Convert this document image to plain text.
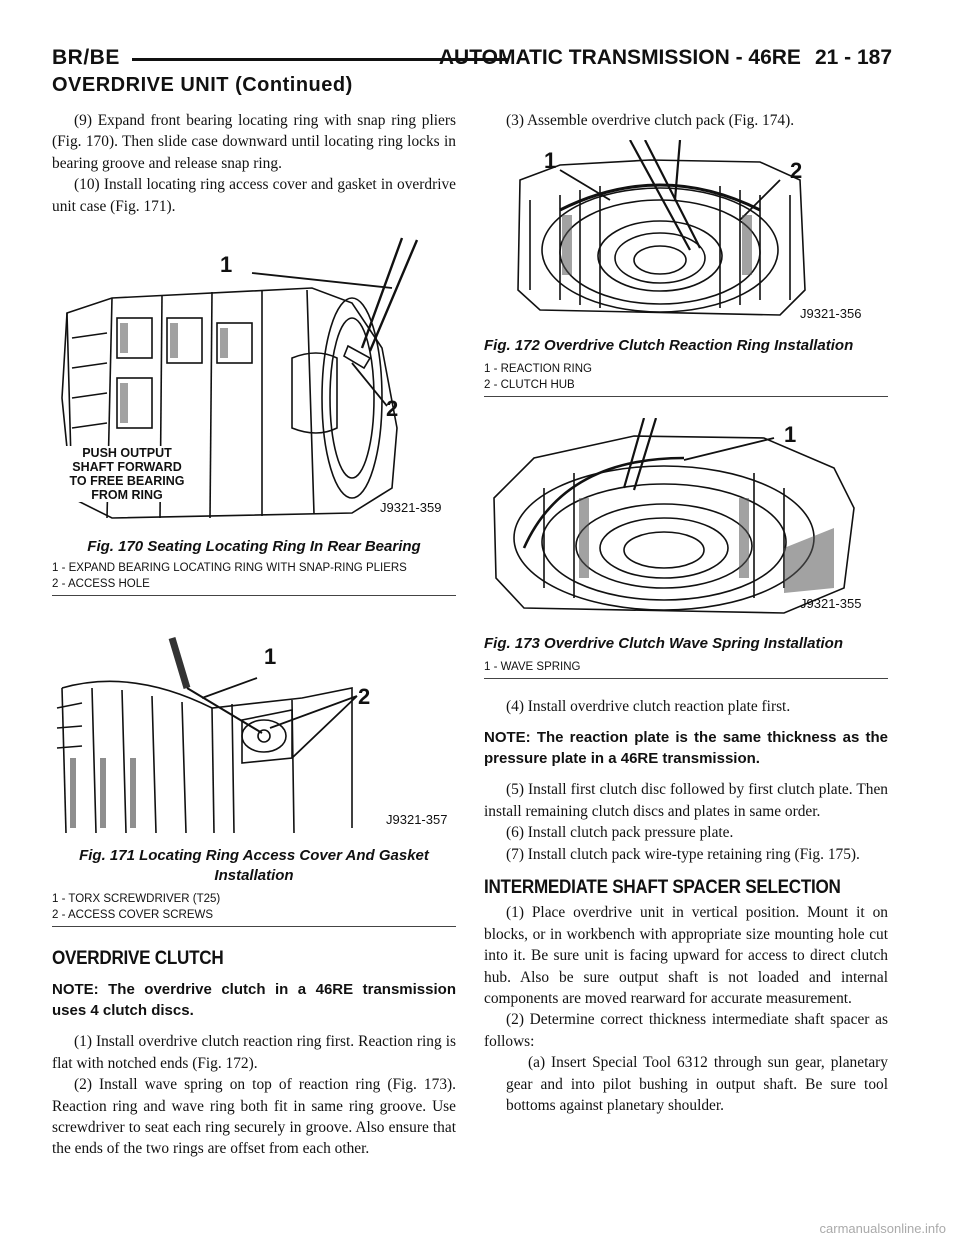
BR/BE	AUTOMATIC TRANSMISSION - 46RE 21 - 187
OVERDRIVE UNIT (Continued)

(9) Expand front bearing locating ring with snap ring pliers (Fig. 170). Then slide case downward until locating ring locks in bearing groove and release snap ring.

(10) Install locating ring access cover and gasket in overdrive unit case (Fig. 171).

1
2
PUSH OUTPUT
SHAFT FORWARD
TO FREE BEARING
FROM RING
J9321-359
Fig. 170 Seating Locating Ring In Rear Bearing
1 - EXPAND BEARING LOCATING RING WITH SNAP-RING PLIERS
2 - ACCESS HOLE
1
2
J9321-357
Fig. 171 Locating Ring Access Cover And Gasket
Installation
1 - TORX SCREWDRIVER (T25)
2 - ACCESS COVER SCREWS
OVERDRIVE CLUTCH

NOTE: The overdrive clutch in a 46RE transmission uses 4 clutch discs.

(1) Install overdrive clutch reaction ring first. Reaction ring is flat with notched ends (Fig. 172).

(2) Install wave spring on top of reaction ring (Fig. 173). Reaction ring and wave ring both fit in same ring groove. Use screwdriver to seat each ring securely in groove. Also ensure that the ends of the two rings are offset from each other.

(3) Assemble overdrive clutch pack (Fig. 174).

1	2
J9321-356
Fig. 172 Overdrive Clutch Reaction Ring Installation
1 - REACTION RING
2 - CLUTCH HUB
1
J9321-355
Fig. 173 Overdrive Clutch Wave Spring Installation
1 - WAVE SPRING

(4) Install overdrive clutch reaction plate first.

NOTE: The reaction plate is the same thickness as the pressure plate in a 46RE transmission.

(5) Install first clutch disc followed by first clutch plate. Then install remaining clutch discs and plates in same order.

(6) Install clutch pack pressure plate.

(7) Install clutch pack wire-type retaining ring (Fig. 175).

INTERMEDIATE SHAFT SPACER SELECTION

(1) Place overdrive unit in vertical position. Mount it on blocks, or in workbench with appropriate size mounting hole cut into it. Be sure unit is facing upward for access to direct clutch hub. Also be sure output shaft is not loaded and internal components are moved rearward for accurate measurement.

(2) Determine correct thickness intermediate shaft spacer as follows:

(a) Insert Special Tool 6312 through sun gear, planetary gear and into pilot bushing in output shaft. Be sure tool bottoms against planetary shoulder.

carmanualsonline.info
